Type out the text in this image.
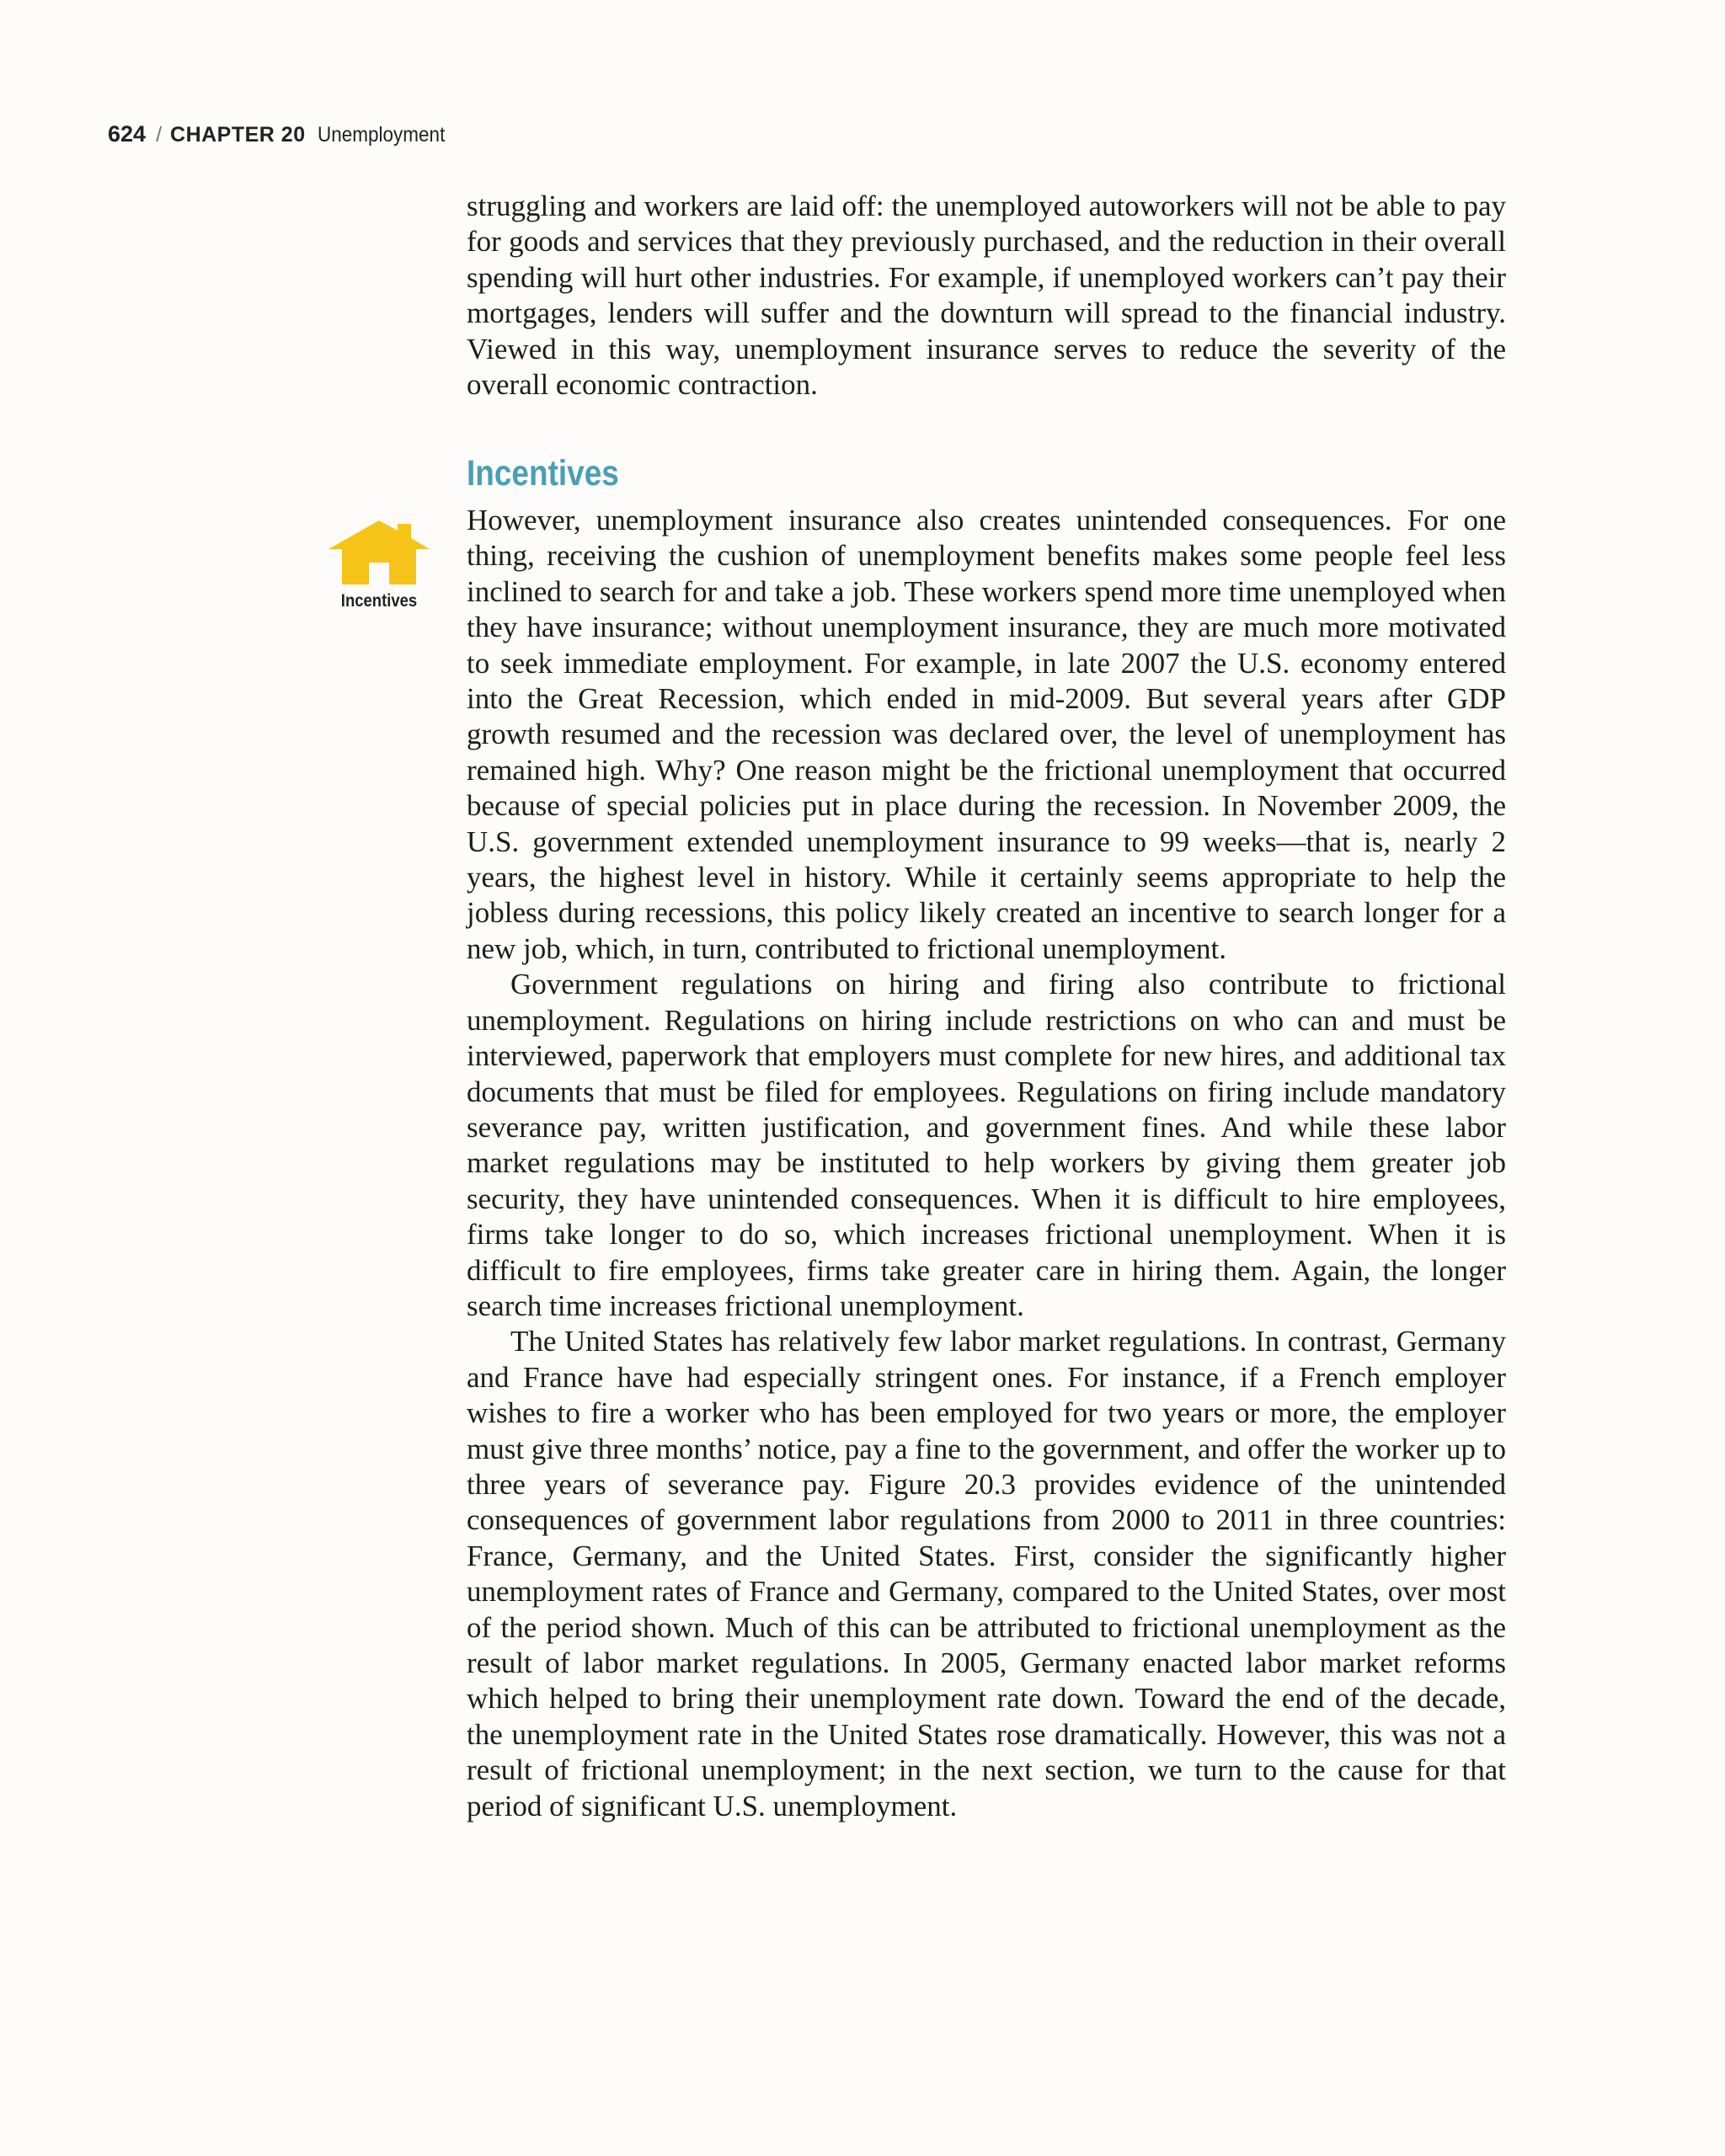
624 / CHAPTER 20 Unemployment

struggling and workers are laid off: the unemployed autoworkers will not be able to pay for goods and services that they previously purchased, and the reduction in their overall spending will hurt other industries. For example, if unemployed workers can’t pay their mortgages, lenders will suffer and the downturn will spread to the financial industry. Viewed in this way, unemployment insurance serves to reduce the severity of the overall economic contraction.

Incentives
Incentives

However, unemployment insurance also creates unintended consequences. For one thing, receiving the cushion of unemployment benefits makes some people feel less inclined to search for and take a job. These workers spend more time unemployed when they have insurance; without unemployment insurance, they are much more motivated to seek immediate employment. For example, in late 2007 the U.S. economy entered into the Great Recession, which ended in mid-2009. But several years after GDP growth resumed and the recession was declared over, the level of unemployment has remained high. Why? One reason might be the frictional unemployment that occurred because of special policies put in place during the recession. In November 2009, the U.S. government extended unemployment insurance to 99 weeks—that is, nearly 2 years, the highest level in history. While it certainly seems appropriate to help the jobless during recessions, this policy likely created an incentive to search longer for a new job, which, in turn, contributed to frictional unemployment.

Government regulations on hiring and firing also contribute to frictional unemployment. Regulations on hiring include restrictions on who can and must be interviewed, paperwork that employers must complete for new hires, and additional tax documents that must be filed for employees. Regulations on firing include mandatory severance pay, written justification, and government fines. And while these labor market regulations may be instituted to help workers by giving them greater job security, they have unintended consequences. When it is difficult to hire employees, firms take longer to do so, which increases frictional unemployment. When it is difficult to fire employees, firms take greater care in hiring them. Again, the longer search time increases frictional unemployment.

The United States has relatively few labor market regulations. In contrast, Germany and France have had especially stringent ones. For instance, if a French employer wishes to fire a worker who has been employed for two years or more, the employer must give three months’ notice, pay a fine to the government, and offer the worker up to three years of severance pay. Figure 20.3 provides evidence of the unintended consequences of government labor regulations from 2000 to 2011 in three countries: France, Germany, and the United States. First, consider the significantly higher unemployment rates of France and Germany, compared to the United States, over most of the period shown. Much of this can be attributed to frictional unemployment as the result of labor market regulations. In 2005, Germany enacted labor market reforms which helped to bring their unemployment rate down. Toward the end of the decade, the unemployment rate in the United States rose dramatically. However, this was not a result of frictional unemployment; in the next section, we turn to the cause for that period of significant U.S. unemployment.
